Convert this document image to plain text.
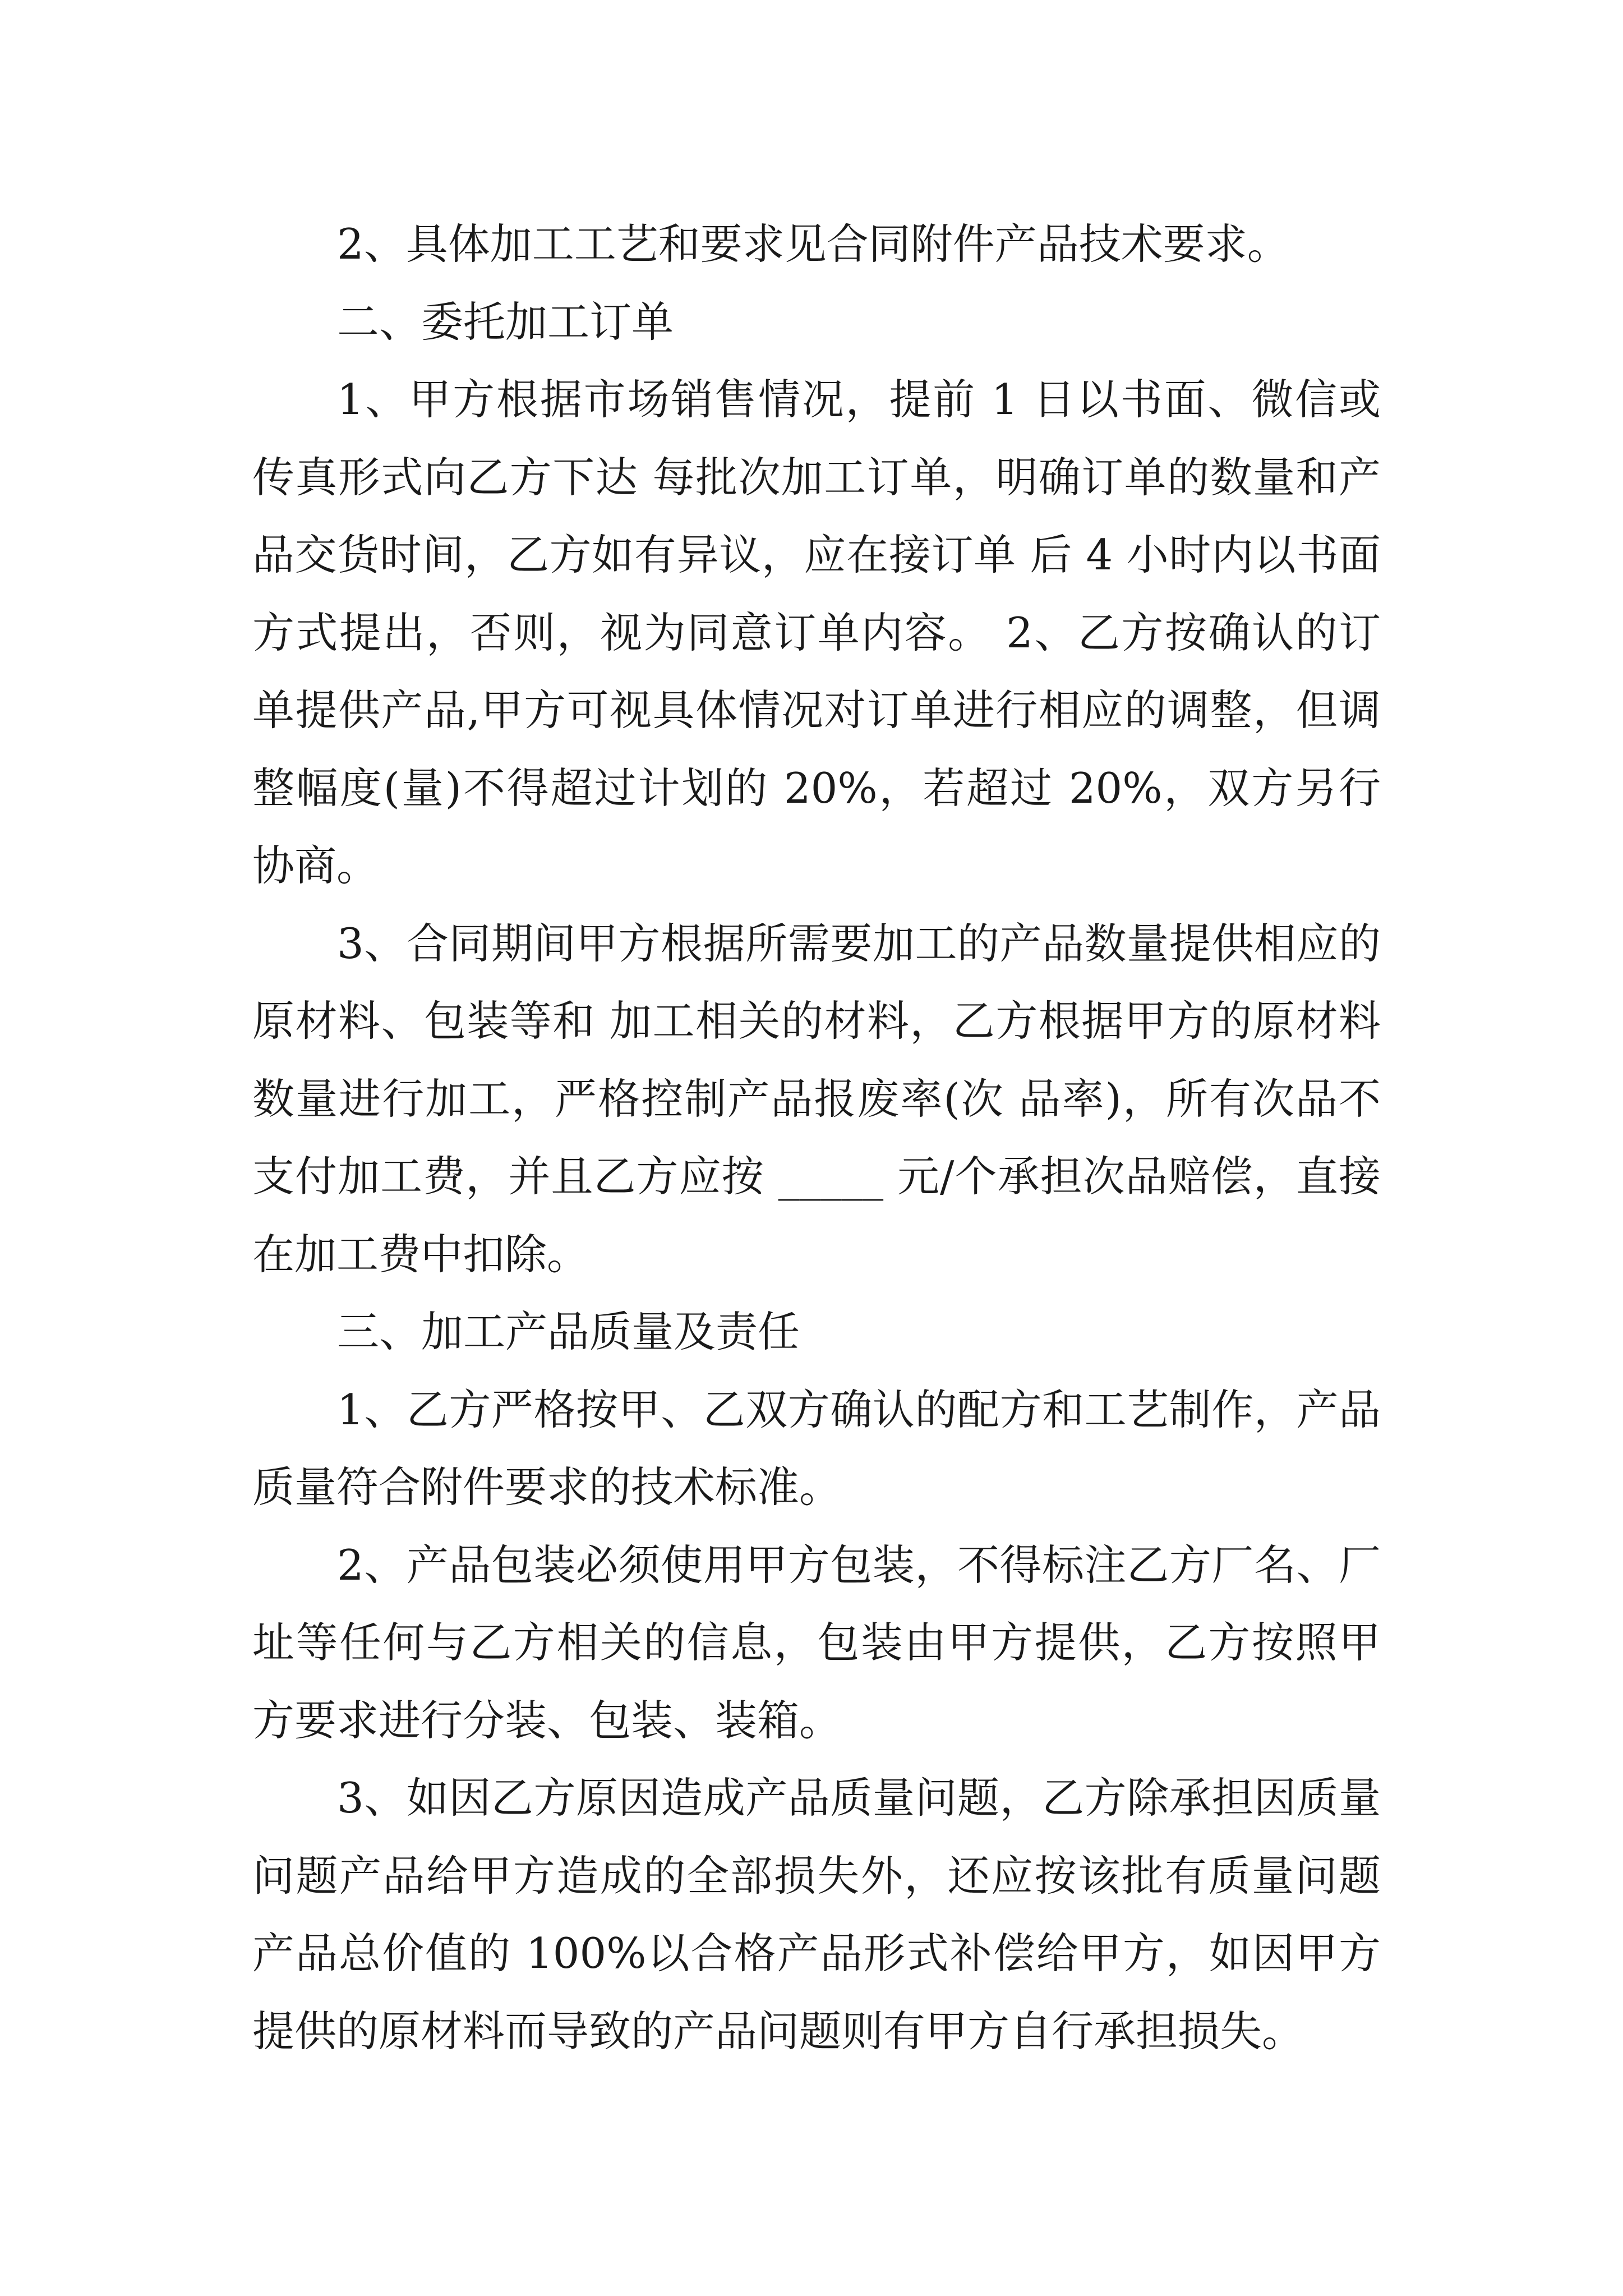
2、具体加工工艺和要求见合同附件产品技术要求。

二、委托加工订单

1、甲方根据市场销售情况，提前 1 日以书面、微信或传真形式向乙方下达 每批次加工订单，明确订单的数量和产品交货时间，乙方如有异议，应在接订单 后 4 小时内以书面方式提出，否则，视为同意订单内容。 2、乙方按确认的订单提供产品,甲方可视具体情况对订单进行相应的调整，但调整幅度(量)不得超过计划的 20%，若超过 20%，双方另行协商。

3、合同期间甲方根据所需要加工的产品数量提供相应的原材料、包装等和 加工相关的材料，乙方根据甲方的原材料数量进行加工，严格控制产品报废率(次 品率)，所有次品不支付加工费，并且乙方应按 _____ 元/个承担次品赔偿，直接在加工费中扣除。

三、加工产品质量及责任

1、乙方严格按甲、乙双方确认的配方和工艺制作，产品质量符合附件要求的技术标准。

2、产品包装必须使用甲方包装，不得标注乙方厂名、厂址等任何与乙方相关的信息，包装由甲方提供，乙方按照甲方要求进行分装、包装、装箱。

3、如因乙方原因造成产品质量问题，乙方除承担因质量问题产品给甲方造成的全部损失外，还应按该批有质量问题产品总价值的 100%以合格产品形式补偿给甲方，如因甲方提供的原材料而导致的产品问题则有甲方自行承担损失。
